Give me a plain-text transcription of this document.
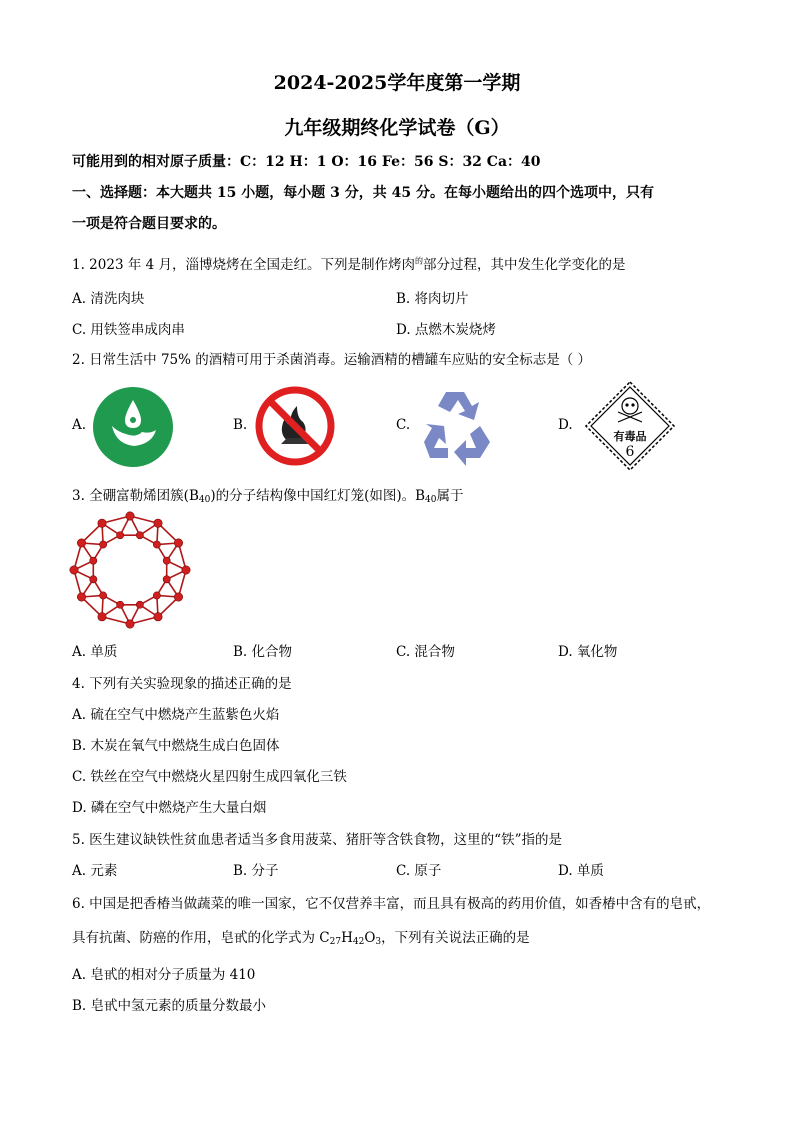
2024-2025学年度第一学期
九年级期终化学试卷（G）
可能用到的相对原子质量：C：12 H：1 O：16 Fe：56 S：32 Ca：40
一、选择题：本大题共 15 小题，每小题 3 分，共 45 分。在每小题给出的四个选项中，只有
一项是符合题目要求的。
1. 2023 年 4 月，淄博烧烤在全国走红。下列是制作烤肉$^的$部分过程，其中发生化学变化的是
A. 清洗肉块	B. 将肉切片
C. 用铁签串成肉串	D. 点燃木炭烧烤
2. 日常生活中 75% 的酒精可用于杀菌消毒。运输酒精的槽罐车应贴的安全标志是（ ）
A.	B.	C.	D.
有毒品
6
3. 全硼富勒烯团簇$(B_{40})$的分子结构像中国红灯笼(如图)。$B_{40}$属于
A. 单质	B. 化合物	C. 混合物	D. 氧化物
4. 下列有关实验现象的描述正确的是
A. 硫在空气中燃烧产生蓝紫色火焰
B. 木炭在氧气中燃烧生成白色固体
C. 铁丝在空气中燃烧火星四射生成四氧化三铁
D. 磷在空气中燃烧产生大量白烟
5. 医生建议缺铁性贫血患者适当多食用菠菜、猪肝等含铁食物，这里的“铁”指的是
A. 元素	B. 分子	C. 原子	D. 单质
6. 中国是把香椿当做蔬菜的唯一国家，它不仅营养丰富，而且具有极高的药用价值，如香椿中含有的皂甙，
具有抗菌、防癌的作用，皂甙的化学式为 $C_{27}H_{42}O_3$，下列有关说法正确的是
A. 皂甙的相对分子质量为 410
B. 皂甙中氢元素的质量分数最小
